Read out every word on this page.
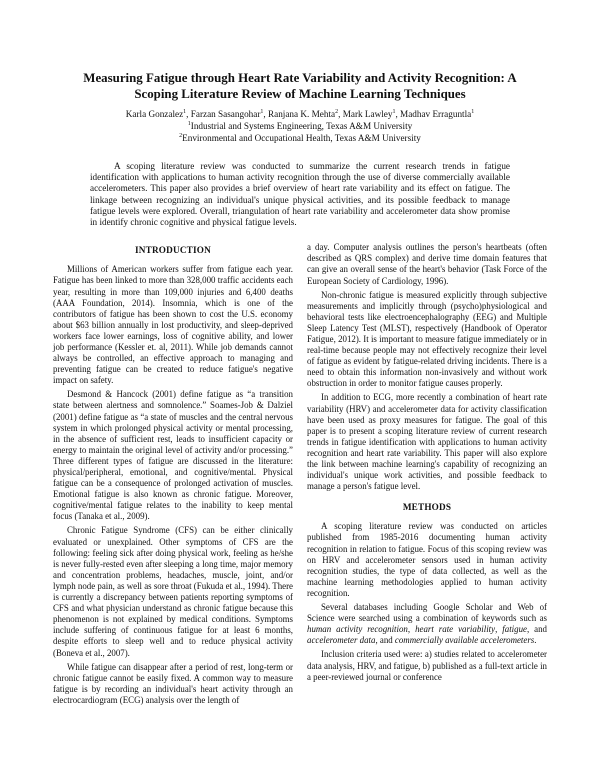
Measuring Fatigue through Heart Rate Variability and Activity Recognition: A Scoping Literature Review of Machine Learning Techniques
Karla Gonzalez$^1$, Farzan Sasangohar$^1$, Ranjana K. Mehta$^2$, Mark Lawley$^1$, Madhav Erraguntla$^1$
$^1$Industrial and Systems Engineering, Texas A&M University
$^2$Environmental and Occupational Health, Texas A&M University
A scoping literature review was conducted to summarize the current research trends in fatigue identification with applications to human activity recognition through the use of diverse commercially available accelerometers. This paper also provides a brief overview of heart rate variability and its effect on fatigue. The linkage between recognizing an individual's unique physical activities, and its possible feedback to manage fatigue levels were explored. Overall, triangulation of heart rate variability and accelerometer data show promise in identify chronic cognitive and physical fatigue levels.
INTRODUCTION

Millions of American workers suffer from fatigue each year. Fatigue has been linked to more than 328,000 traffic accidents each year, resulting in more than 109,000 injuries and 6,400 deaths (AAA Foundation, 2014). Insomnia, which is one of the contributors of fatigue has been shown to cost the U.S. economy about $63 billion annually in lost productivity, and sleep-deprived workers face lower earnings, loss of cognitive ability, and lower job performance (Kessler et. al, 2011). While job demands cannot always be controlled, an effective approach to managing and preventing fatigue can be created to reduce fatigue's negative impact on safety.

Desmond & Hancock (2001) define fatigue as “a transition state between alertness and somnolence.” Soames-Job & Dalziel (2001) define fatigue as “a state of muscles and the central nervous system in which prolonged physical activity or mental processing, in the absence of sufficient rest, leads to insufficient capacity or energy to maintain the original level of activity and/or processing.” Three different types of fatigue are discussed in the literature: physical/peripheral, emotional, and cognitive/mental. Physical fatigue can be a consequence of prolonged activation of muscles. Emotional fatigue is also known as chronic fatigue. Moreover, cognitive/mental fatigue relates to the inability to keep mental focus (Tanaka et al., 2009).

Chronic Fatigue Syndrome (CFS) can be either clinically evaluated or unexplained. Other symptoms of CFS are the following: feeling sick after doing physical work, feeling as he/she is never fully-rested even after sleeping a long time, major memory and concentration problems, headaches, muscle, joint, and/or lymph node pain, as well as sore throat (Fukuda et al., 1994). There is currently a discrepancy between patients reporting symptoms of CFS and what physician understand as chronic fatigue because this phenomenon is not explained by medical conditions. Symptoms include suffering of continuous fatigue for at least 6 months, despite efforts to sleep well and to reduce physical activity (Boneva et al., 2007).

While fatigue can disappear after a period of rest, long-term or chronic fatigue cannot be easily fixed. A common way to measure fatigue is by recording an individual's heart activity through an electrocardiogram (ECG) analysis over the length of

a day. Computer analysis outlines the person's heartbeats (often described as QRS complex) and derive time domain features that can give an overall sense of the heart's behavior (Task Force of the European Society of Cardiology, 1996).

Non-chronic fatigue is measured explicitly through subjective measurements and implicitly through (psycho)physiological and behavioral tests like electroencephalography (EEG) and Multiple Sleep Latency Test (MLST), respectively (Handbook of Operator Fatigue, 2012). It is important to measure fatigue immediately or in real-time because people may not effectively recognize their level of fatigue as evident by fatigue-related driving incidents. There is a need to obtain this information non-invasively and without work obstruction in order to monitor fatigue causes properly.

In addition to ECG, more recently a combination of heart rate variability (HRV) and accelerometer data for activity classification have been used as proxy measures for fatigue. The goal of this paper is to present a scoping literature review of current research trends in fatigue identification with applications to human activity recognition and heart rate variability. This paper will also explore the link between machine learning's capability of recognizing an individual's unique work activities, and possible feedback to manage a person's fatigue level.

METHODS

A scoping literature review was conducted on articles published from 1985-2016 documenting human activity recognition in relation to fatigue. Focus of this scoping review was on HRV and accelerometer sensors used in human activity recognition studies, the type of data collected, as well as the machine learning methodologies applied to human activity recognition.

Several databases including Google Scholar and Web of Science were searched using a combination of keywords such as human activity recognition, heart rate variability, fatigue, and accelerometer data, and commercially available accelerometers.

Inclusion criteria used were: a) studies related to accelerometer data analysis, HRV, and fatigue, b) published as a full-text article in a peer-reviewed journal or conference
